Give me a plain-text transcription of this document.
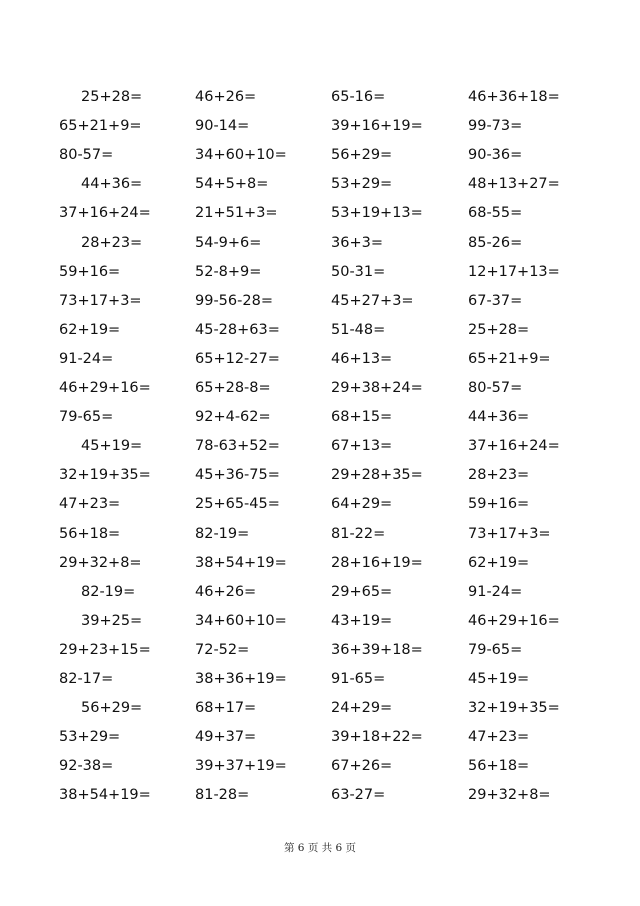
25+28=	46+26=	65-16=	46+36+18=
65+21+9=	90-14=	39+16+19=	99-73=
80-57=	34+60+10=	56+29=	90-36=
44+36=	54+5+8=	53+29=	48+13+27=
37+16+24=	21+51+3=	53+19+13=	68-55=
28+23=	54-9+6=	36+3=	85-26=
59+16=	52-8+9=	50-31=	12+17+13=
73+17+3=	99-56-28=	45+27+3=	67-37=
62+19=	45-28+63=	51-48=	25+28=
91-24=	65+12-27=	46+13=	65+21+9=
46+29+16=	65+28-8=	29+38+24=	80-57=
79-65=	92+4-62=	68+15=	44+36=
45+19=	78-63+52=	67+13=	37+16+24=
32+19+35=	45+36-75=	29+28+35=	28+23=
47+23=	25+65-45=	64+29=	59+16=
56+18=	82-19=	81-22=	73+17+3=
29+32+8=	38+54+19=	28+16+19=	62+19=
82-19=	46+26=	29+65=	91-24=
39+25=	34+60+10=	43+19=	46+29+16=
29+23+15=	72-52=	36+39+18=	79-65=
82-17=	38+36+19=	91-65=	45+19=
56+29=	68+17=	24+29=	32+19+35=
53+29=	49+37=	39+18+22=	47+23=
92-38=	39+37+19=	67+26=	56+18=
38+54+19=	81-28=	63-27=	29+32+8=
第 6 页 共 6 页
